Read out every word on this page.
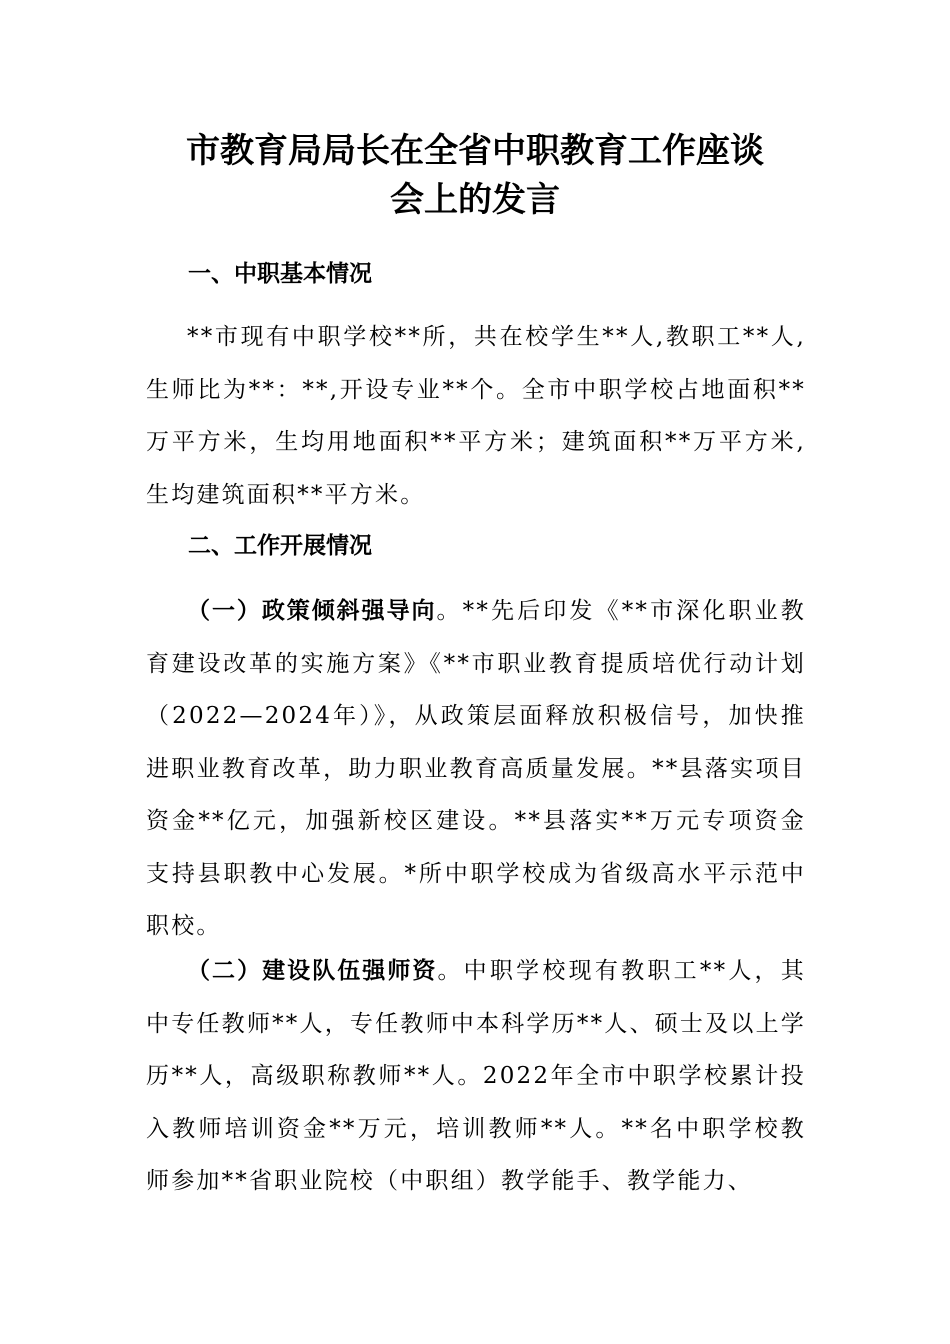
市教育局局长在全省中职教育工作座谈
会上的发言
一、中职基本情况

**市现有中职学校**所，共在校学生**人,教职工**人,生师比为**：**,开设专业**个。全市中职学校占地面积**万平方米，生均用地面积**平方米；建筑面积**万平方米,生均建筑面积**平方米。

二、工作开展情况

（一）政策倾斜强导向。**先后印发《**市深化职业教育建设改革的实施方案》《**市职业教育提质培优行动计划（2022—2024年）》，从政策层面释放积极信号，加快推进职业教育改革，助力职业教育高质量发展。**县落实项目资金**亿元，加强新校区建设。**县落实**万元专项资金支持县职教中心发展。*所中职学校成为省级高水平示范中职校。

（二）建设队伍强师资。中职学校现有教职工**人，其中专任教师**人，专任教师中本科学历**人、硕士及以上学历**人，高级职称教师**人。2022年全市中职学校累计投入教师培训资金**万元，培训教师**人。**名中职学校教师参加**省职业院校（中职组）教学能手、教学能力、
